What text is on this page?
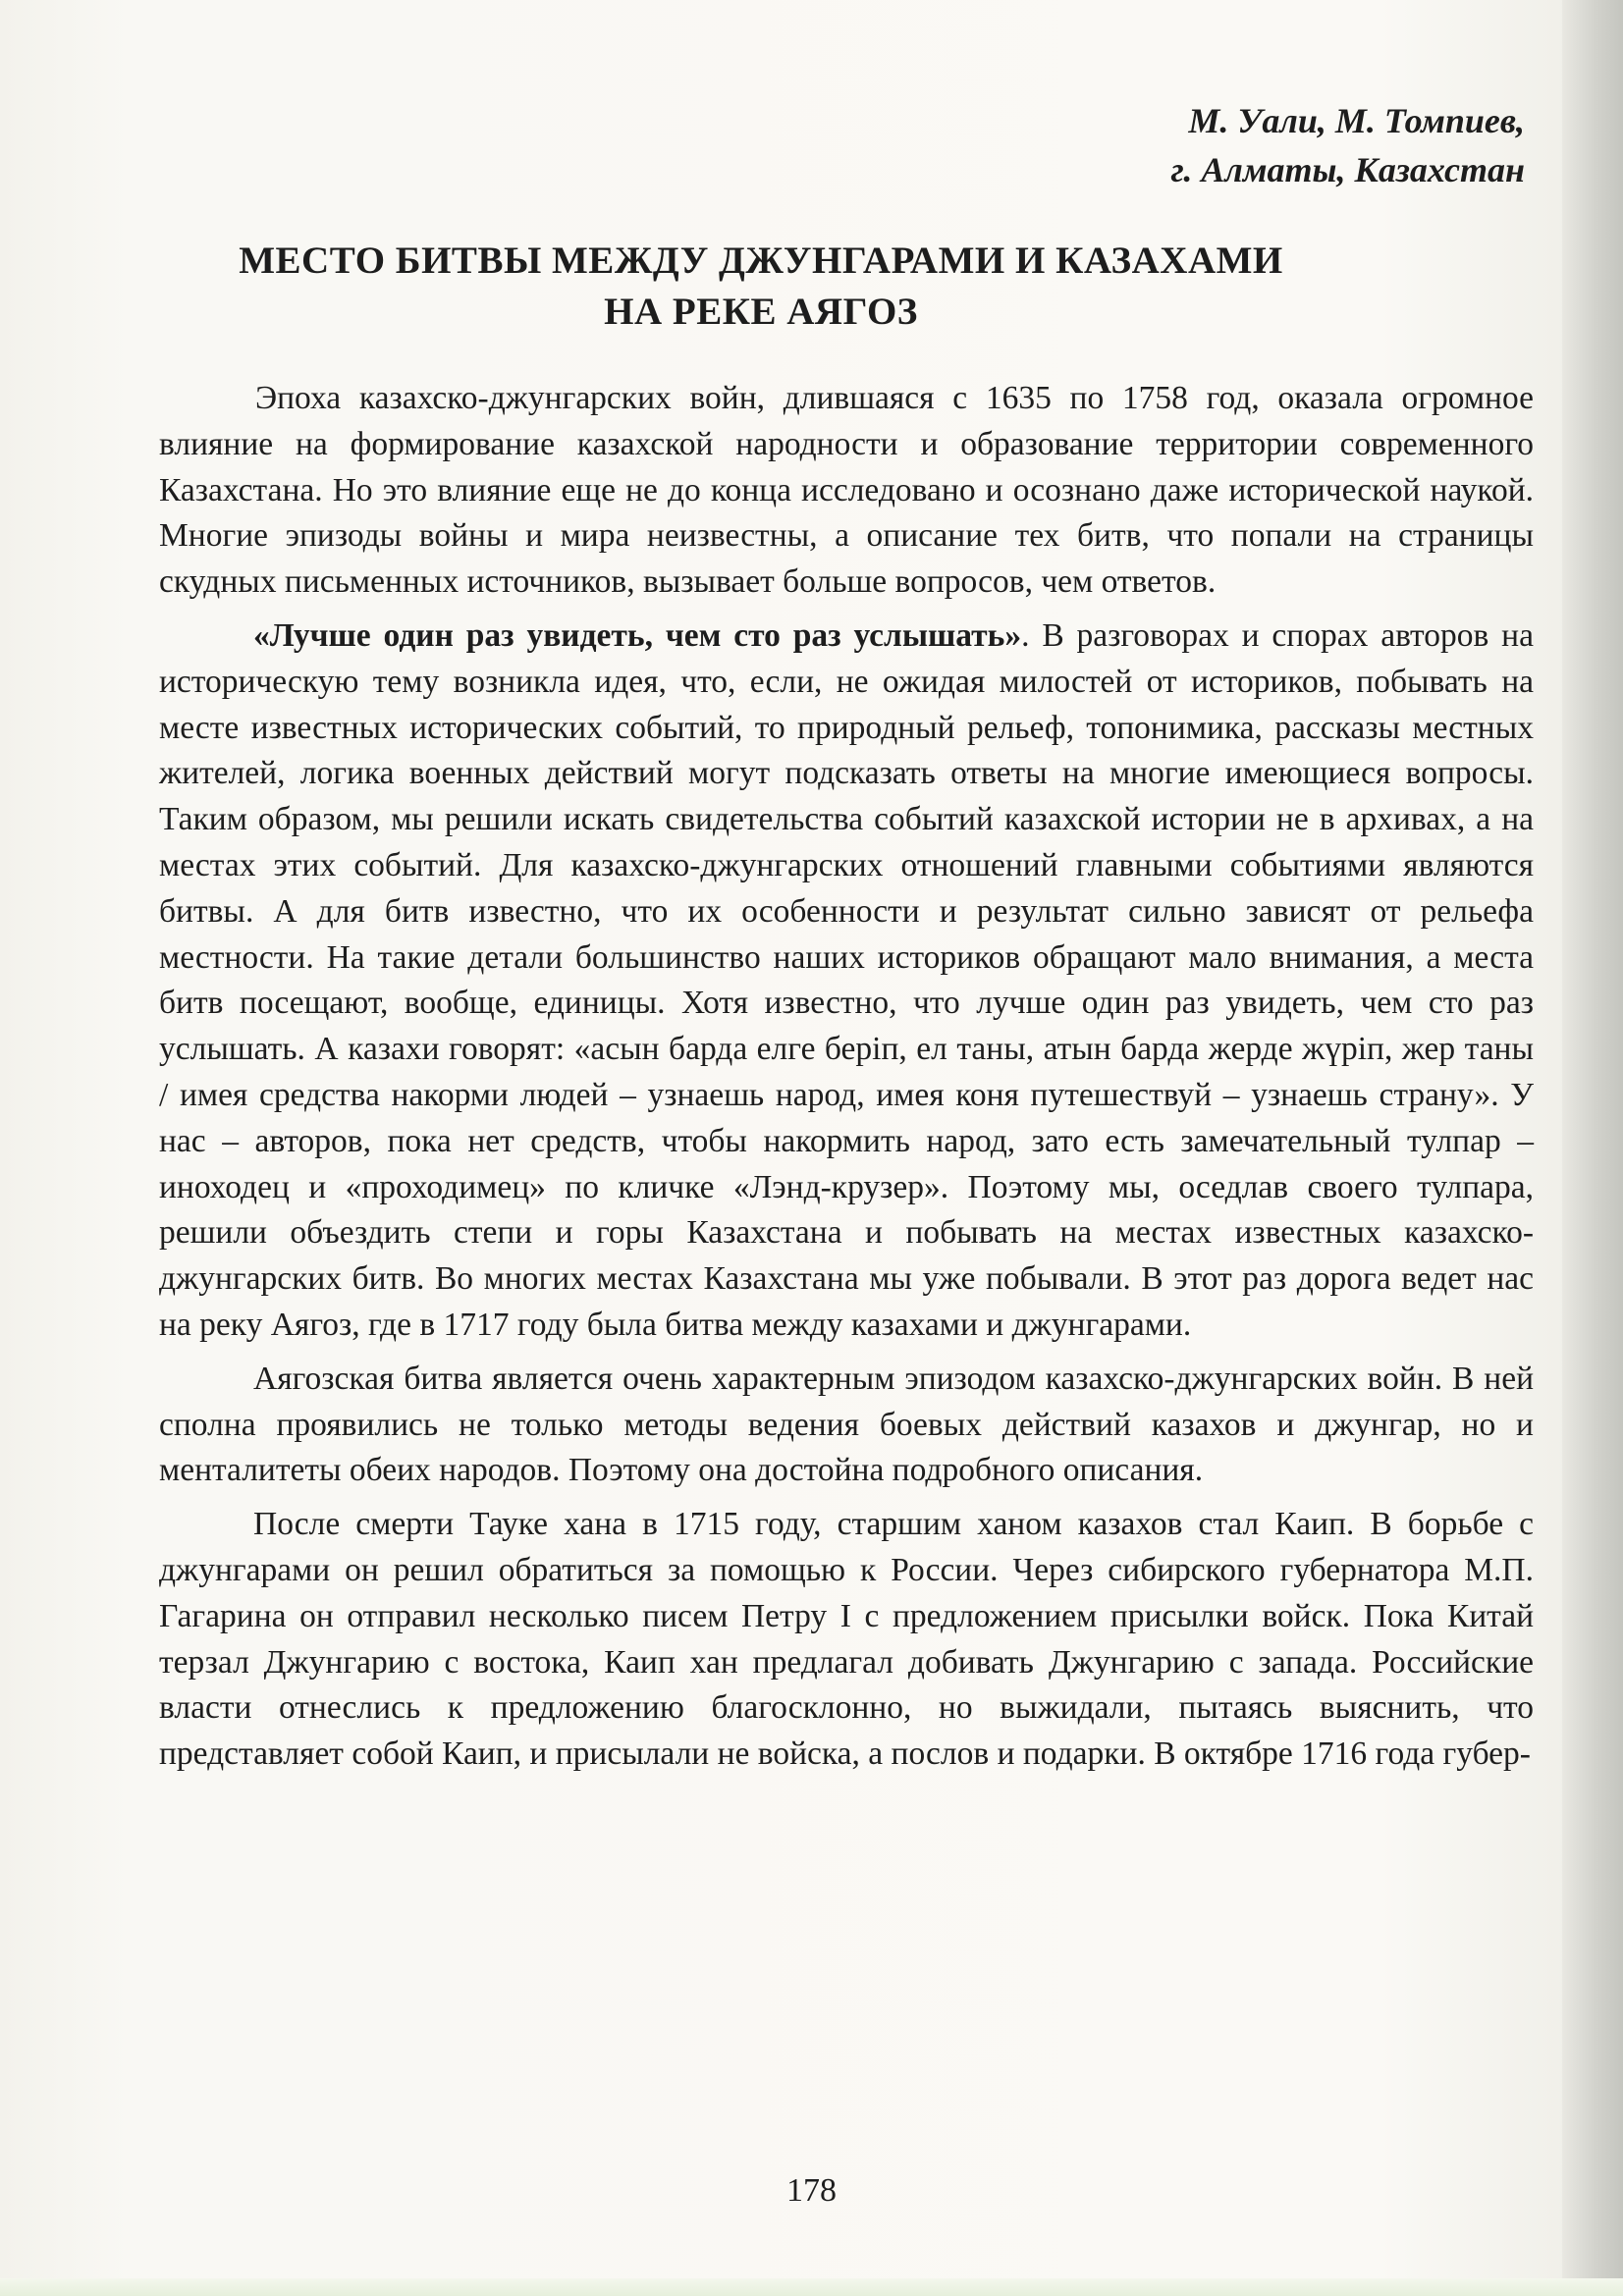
М. Уали, М. Томпиев,
г. Алматы, Казахстан
МЕСТО БИТВЫ МЕЖДУ ДЖУНГАРАМИ И КАЗАХАМИ
НА РЕКЕ АЯГОЗ

Эпоха казахско-джунгарских войн, длившаяся с 1635 по 1758 год, оказала огромное влияние на формирование казахской народности и образование территории современного Казахстана. Но это влияние еще не до конца исследовано и осознано даже исторической наукой. Многие эпизоды войны и мира неизвестны, а описание тех битв, что попали на страницы скудных письменных источников, вызывает больше вопросов, чем ответов.

«Лучше один раз увидеть, чем сто раз услышать». В разговорах и спорах авторов на историческую тему возникла идея, что, если, не ожидая милостей от историков, побывать на месте известных исторических событий, то природный рельеф, топонимика, рассказы местных жителей, логика военных действий могут подсказать ответы на многие имеющиеся вопросы. Таким образом, мы решили искать свидетельства событий казахской истории не в архивах, а на местах этих событий. Для казахско-джунгарских отношений главными событиями являются битвы. А для битв известно, что их особенности и результат сильно зависят от рельефа местности. На такие детали большинство наших историков обращают мало внимания, а места битв посещают, вообще, единицы. Хотя известно, что лучше один раз увидеть, чем сто раз услышать. А казахи говорят: «асын барда елге беріп, ел таны, атын барда жерде жүріп, жер таны / имея средства накорми людей – узнаешь народ, имея коня путешествуй – узнаешь страну». У нас – авторов, пока нет средств, чтобы накормить народ, зато есть замечательный тулпар – иноходец и «проходимец» по кличке «Лэнд-крузер». Поэтому мы, оседлав своего тулпара, решили объездить степи и горы Казахстана и побывать на местах известных казахско-джунгарских битв. Во многих местах Казахстана мы уже побывали. В этот раз дорога ведет нас на реку Аягоз, где в 1717 году была битва между казахами и джунгарами.

Аягозская битва является очень характерным эпизодом казахско-джунгарских войн. В ней сполна проявились не только методы ведения боевых действий казахов и джунгар, но и менталитеты обеих народов. Поэтому она достойна подробного описания.

После смерти Тауке хана в 1715 году, старшим ханом казахов стал Каип. В борьбе с джунгарами он решил обратиться за помощью к России. Через сибирского губернатора М.П. Гагарина он отправил несколько писем Петру I с предложением присылки войск. Пока Китай терзал Джунгарию с востока, Каип хан предлагал добивать Джунгарию с запада. Российские власти отнеслись к предложению благосклонно, но выжидали, пытаясь выяснить, что представляет собой Каип, и присылали не войска, а послов и подарки. В октябре 1716 года губер-

178
